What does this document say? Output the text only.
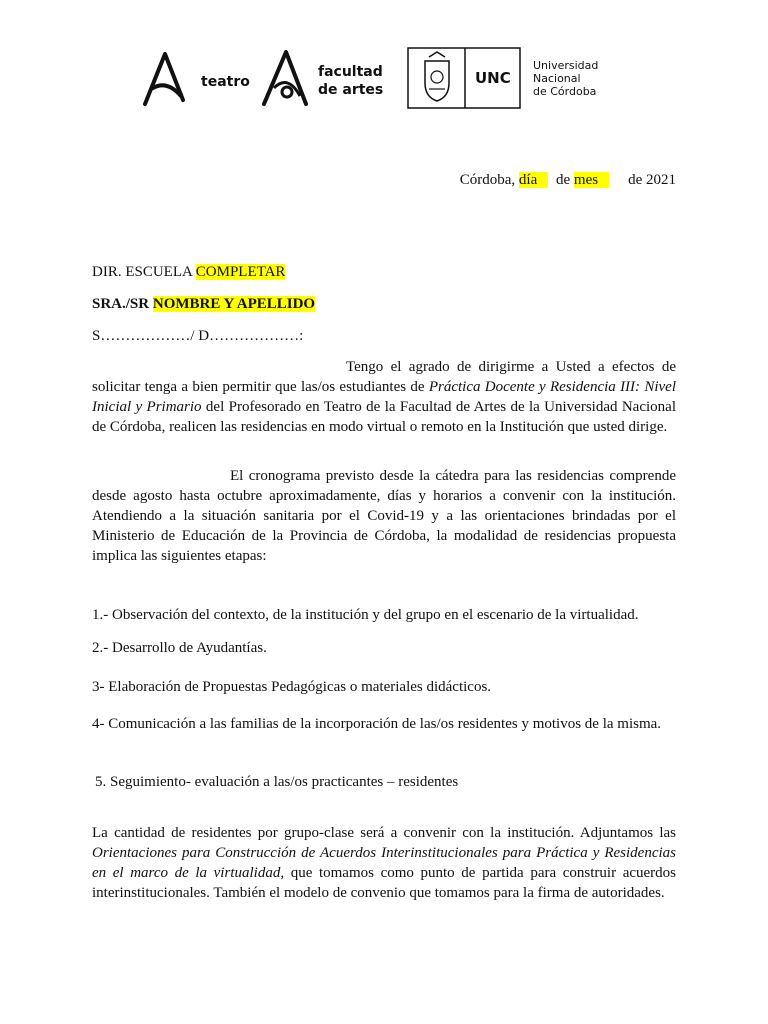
teatro
facultad
de artes
UNC
Universidad
Nacional
de Córdoba
Córdoba, día     de mes        de 2021
DIR. ESCUELA COMPLETAR
SRA./SR NOMBRE Y APELLIDO
S………………/ D………………:
Tengo el agrado de dirigirme a Usted a efectos de solicitar tenga a bien permitir que las/os estudiantes de Práctica Docente y Residencia III: Nivel Inicial y Primario del Profesorado en Teatro de la Facultad de Artes de la Universidad Nacional de Córdoba, realicen las residencias en modo virtual o remoto en la Institución que usted dirige.
El cronograma previsto desde la cátedra para las residencias comprende desde agosto hasta octubre aproximadamente, días y horarios a convenir con la institución. Atendiendo a la situación sanitaria por el Covid-19 y a las orientaciones brindadas por el Ministerio de Educación de la Provincia de Córdoba, la modalidad de residencias propuesta implica las siguientes etapas:
1.- Observación del contexto, de la institución y del grupo en el escenario de la virtualidad.
2.- Desarrollo de Ayudantías.
3- Elaboración de Propuestas Pedagógicas o materiales didácticos.
4- Comunicación a las familias de la incorporación de las/os residentes y motivos de la misma.
5. Seguimiento- evaluación a las/os practicantes – residentes
La cantidad de residentes por grupo-clase será a convenir con la institución. Adjuntamos las Orientaciones para Construcción de Acuerdos Interinstitucionales para Práctica y Residencias en el marco de la virtualidad, que tomamos como punto de partida para construir acuerdos interinstitucionales. También el modelo de convenio que tomamos para la firma de autoridades.
